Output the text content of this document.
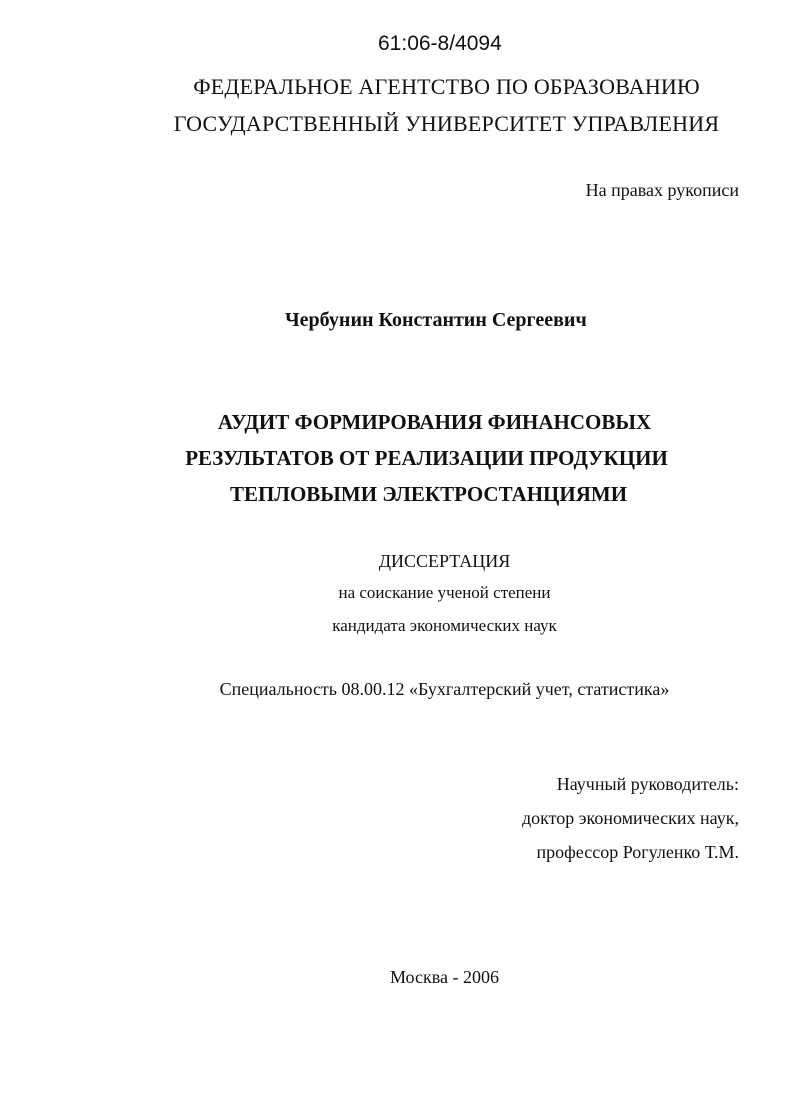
61:06-8/4094
ФЕДЕРАЛЬНОЕ АГЕНТСТВО ПО ОБРАЗОВАНИЮ
ГОСУДАРСТВЕННЫЙ УНИВЕРСИТЕТ УПРАВЛЕНИЯ
На правах рукописи
Чербунин Константин Сергеевич
АУДИТ ФОРМИРОВАНИЯ ФИНАНСОВЫХ
РЕЗУЛЬТАТОВ ОТ РЕАЛИЗАЦИИ ПРОДУКЦИИ
ТЕПЛОВЫМИ ЭЛЕКТРОСТАНЦИЯМИ
ДИССЕРТАЦИЯ
на соискание ученой степени
кандидата экономических наук
Специальность 08.00.12 «Бухгалтерский учет, статистика»
Научный руководитель:
доктор экономических наук,
профессор Рогуленко Т.М.
Москва - 2006
